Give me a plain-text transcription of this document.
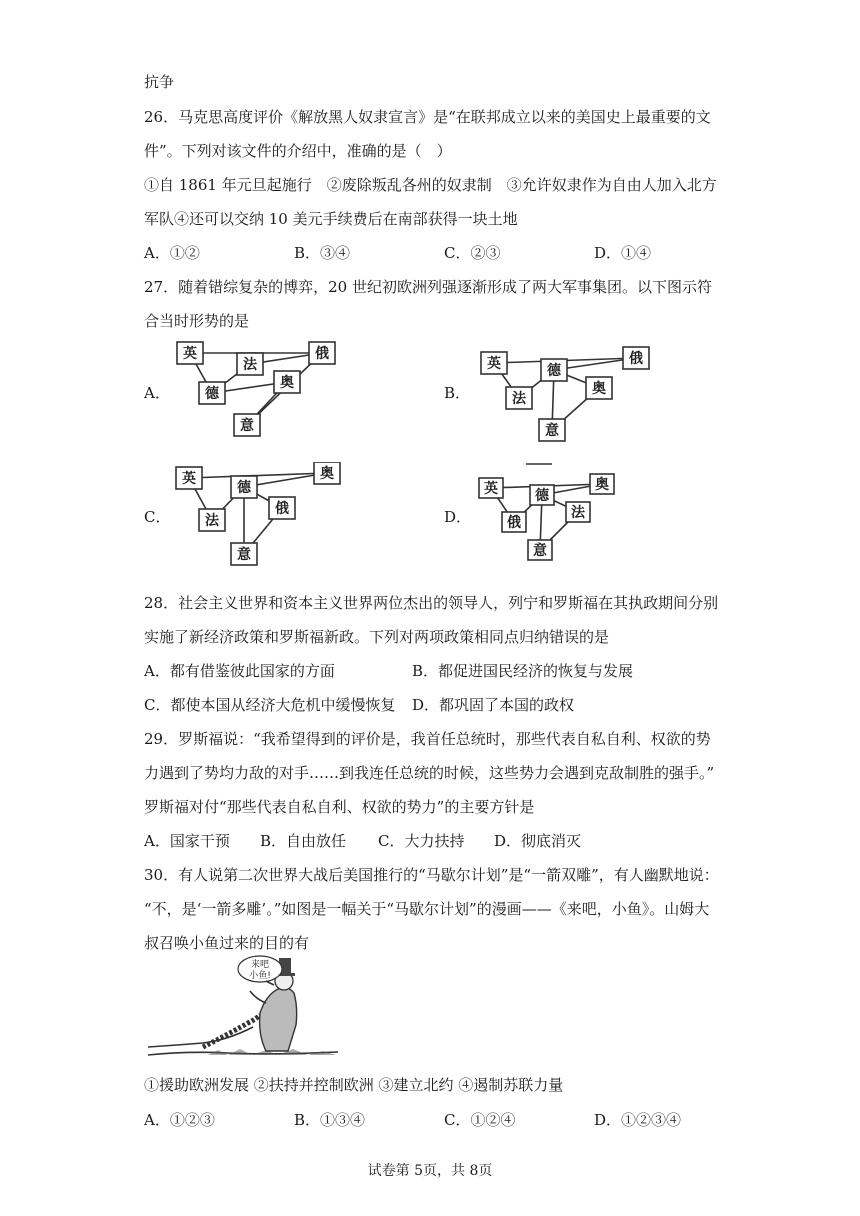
抗争
26．马克思高度评价《解放黑人奴隶宣言》是“在联邦成立以来的美国史上最重要的文
件”。下列对该文件的介绍中，准确的是（　）
①自 1861 年元旦起施行　②废除叛乱各州的奴隶制　③允许奴隶作为自由人加入北方
军队④还可以交纳 10 美元手续费后在南部获得一块土地
A．①②	B．③④	C．②③	D．①④
27．随着错综复杂的博弈，20 世纪初欧洲列强逐渐形成了两大军事集团。以下图示符
合当时形势的是
A．
英
法
俄
德
奥
意
B．
英	德
俄
法
奥
意
C．
英
德
奥
法
俄
意
D．
英	德
奥
俄
法
意
28．社会主义世界和资本主义世界两位杰出的领导人，列宁和罗斯福在其执政期间分别
实施了新经济政策和罗斯福新政。下列对两项政策相同点归纳错误的是
A．都有借鉴彼此国家的方面	B．都促进国民经济的恢复与发展
C．都使本国从经济大危机中缓慢恢复 D．都巩固了本国的政权
29．罗斯福说：“我希望得到的评价是，我首任总统时，那些代表自私自利、权欲的势
力遇到了势均力敌的对手……到我连任总统的时候，这些势力会遇到克敌制胜的强手。”
罗斯福对付“那些代表自私自利、权欲的势力”的主要方针是
A．国家干预 B．自由放任 C．大力扶持 D．彻底消灭
30．有人说第二次世界大战后美国推行的“马歇尔计划”是“一箭双雕”，有人幽默地说：
“不，是‘一箭多雕’。”如图是一幅关于“马歇尔计划”的漫画——《来吧，小鱼》。山姆大
叔召唤小鱼过来的目的有
来吧
小鱼!
①援助欧洲发展 ②扶持并控制欧洲 ③建立北约 ④遏制苏联力量
A．①②③	B．①③④	C．①②④	D．①②③④
试卷第 5页，共 8页
